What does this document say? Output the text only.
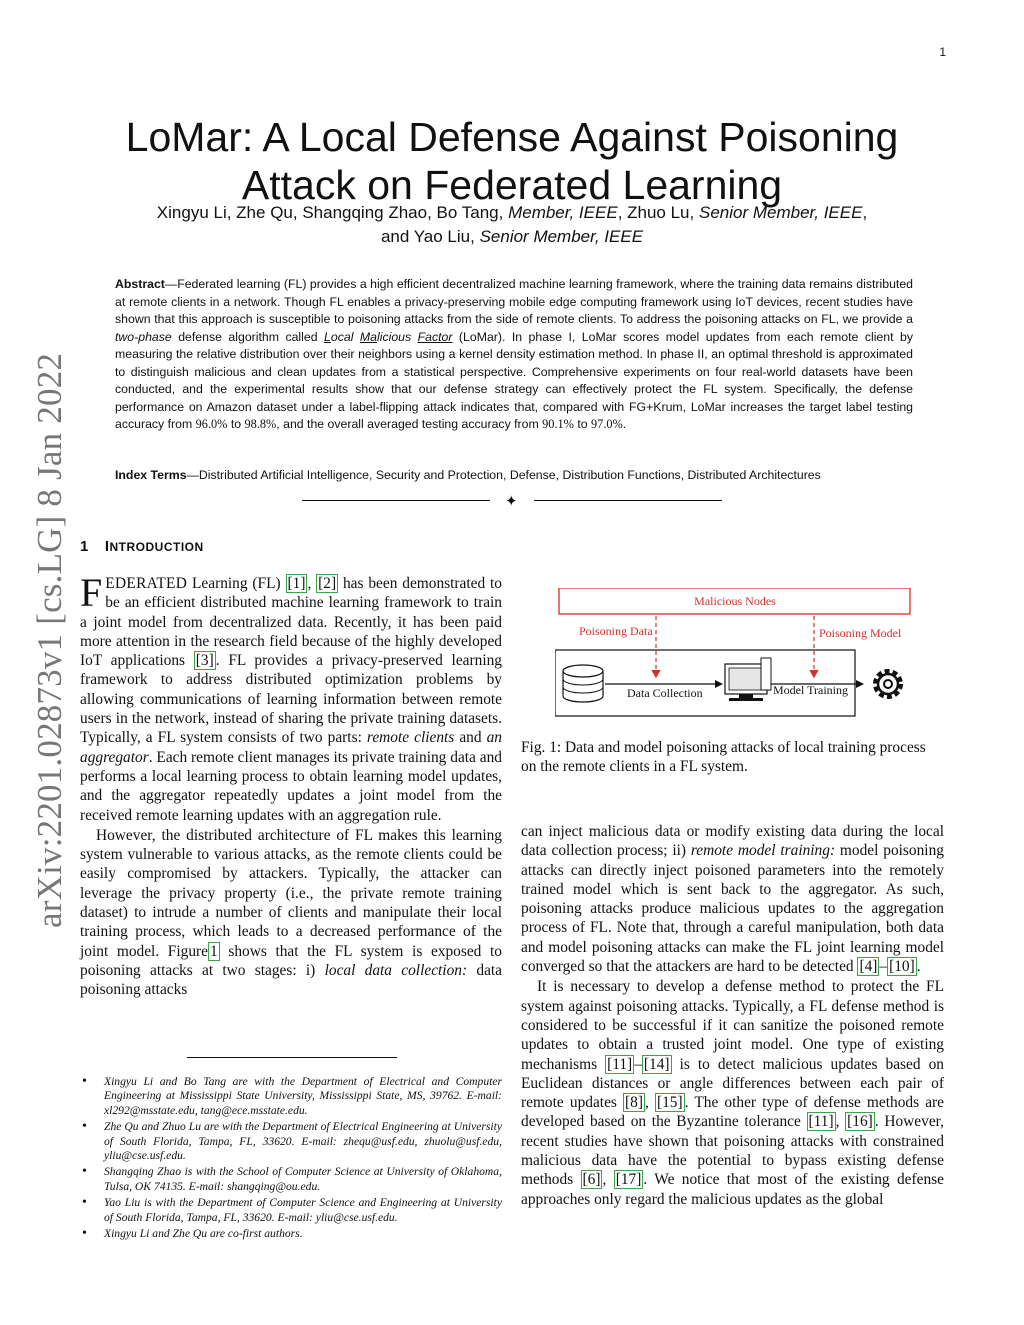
1
LoMar: A Local Defense Against Poisoning Attack on Federated Learning
Xingyu Li, Zhe Qu, Shangqing Zhao, Bo Tang, Member, IEEE, Zhuo Lu, Senior Member, IEEE,
and Yao Liu, Senior Member, IEEE
Abstract—Federated learning (FL) provides a high efficient decentralized machine learning framework, where the training data remains distributed at remote clients in a network. Though FL enables a privacy-preserving mobile edge computing framework using IoT devices, recent studies have shown that this approach is susceptible to poisoning attacks from the side of remote clients. To address the poisoning attacks on FL, we provide a two-phase defense algorithm called Local Malicious Factor (LoMar). In phase I, LoMar scores model updates from each remote client by measuring the relative distribution over their neighbors using a kernel density estimation method. In phase II, an optimal threshold is approximated to distinguish malicious and clean updates from a statistical perspective. Comprehensive experiments on four real-world datasets have been conducted, and the experimental results show that our defense strategy can effectively protect the FL system. Specifically, the defense performance on Amazon dataset under a label-flipping attack indicates that, compared with FG+Krum, LoMar increases the target label testing accuracy from 96.0% to 98.8%, and the overall averaged testing accuracy from 90.1% to 97.0%.
Index Terms—Distributed Artificial Intelligence, Security and Protection, Defense, Distribution Functions, Distributed Architectures
✦
arXiv:2201.02873v1 [cs.LG] 8 Jan 2022 1 INTRODUCTION

FEDERATED Learning (FL) [1] , [2] has been demonstrated to be an efficient distributed machine learning framework to train a joint model from decentralized data. Recently, it has been paid more attention in the research field because of the highly developed IoT applications [3] . FL provides a privacy-preserved learning framework to address distributed optimization problems by allowing communications of learning information between remote users in the network, instead of sharing the private training datasets. Typically, a FL system consists of two parts: remote clients and an aggregator. Each remote client manages its private training data and performs a local learning process to obtain learning model updates, and the aggregator repeatedly updates a joint model from the received remote learning updates with an aggregation rule.

However, the distributed architecture of FL makes this learning system vulnerable to various attacks, as the remote clients could be easily compromised by attackers. Typically, the attacker can leverage the privacy property (i.e., the private remote training dataset) to intrude a number of clients and manipulate their local training process, which leads to a decreased performance of the joint model. Figure 1 shows that the FL system is exposed to poisoning attacks at two stages: i) local data collection: data poisoning attacks

• Xingyu Li and Bo Tang are with the Department of Electrical and Computer Engineering at Mississippi State University, Mississippi State, MS, 39762. E-mail: xl292@msstate.edu, tang@ece.msstate.edu.
• Zhe Qu and Zhuo Lu are with the Department of Electrical Engineering at University of South Florida, Tampa, FL, 33620. E-mail: zhequ@usf.edu, zhuolu@usf.edu, yliu@cse.usf.edu.
• Shangqing Zhao is with the School of Computer Science at University of Oklahoma, Tulsa, OK 74135. E-mail: shangqing@ou.edu.
• Yao Liu is with the Department of Computer Science and Engineering at University of South Florida, Tampa, FL, 33620. E-mail: yliu@cse.usf.edu.
• Xingyu Li and Zhe Qu are co-first authors.
Malicious Nodes
Poisoning Data	Poisoning Model
Data Collection	Model Training
Fig. 1: Data and model poisoning attacks of local training process on the remote clients in a FL system.

can inject malicious data or modify existing data during the local data collection process; ii) remote model training: model poisoning attacks can directly inject poisoned parameters into the remotely trained model which is sent back to the aggregator. As such, poisoning attacks produce malicious updates to the aggregation process of FL. Note that, through a careful manipulation, both data and model poisoning attacks can make the FL joint learning model converged so that the attackers are hard to be detected [4] – [10] .

It is necessary to develop a defense method to protect the FL system against poisoning attacks. Typically, a FL defense method is considered to be successful if it can sanitize the poisoned remote updates to obtain a trusted joint model. One type of existing mechanisms [11] – [14] is to detect malicious updates based on Euclidean distances or angle differences between each pair of remote updates [8] , [15] . The other type of defense methods are developed based on the Byzantine tolerance [11] , [16] . However, recent studies have shown that poisoning attacks with constrained malicious data have the potential to bypass existing defense methods [6] , [17] . We notice that most of the existing defense approaches only regard the malicious updates as the global
